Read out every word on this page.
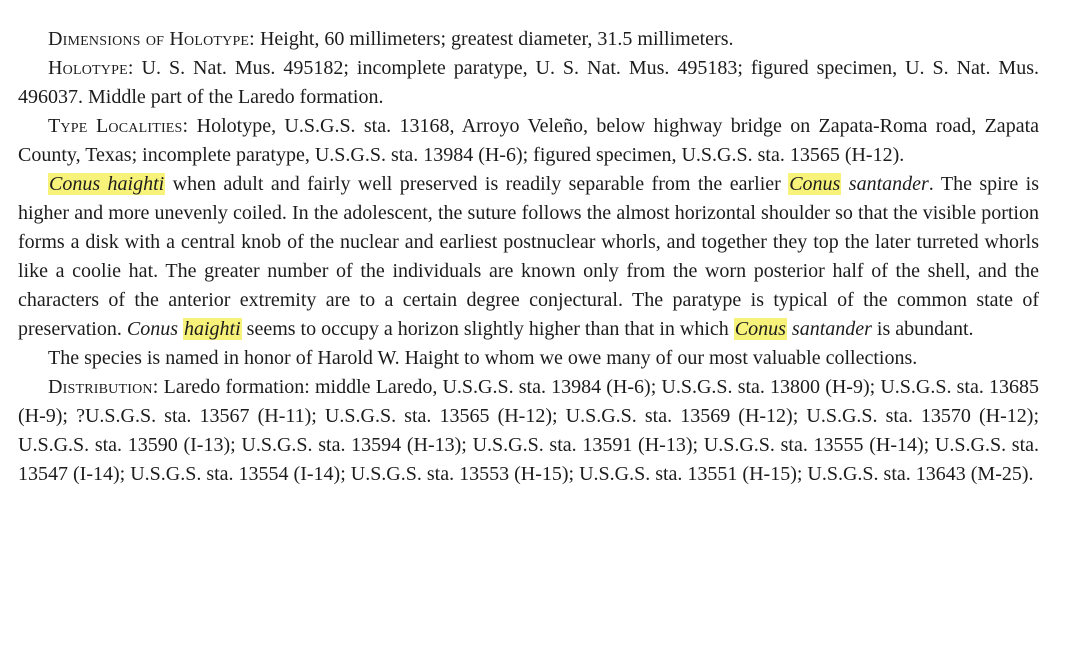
Dimensions of Holotype: Height, 60 millimeters; greatest diameter, 31.5 millimeters.

Holotype: U. S. Nat. Mus. 495182; incomplete paratype, U. S. Nat. Mus. 495183; figured specimen, U. S. Nat. Mus. 496037. Middle part of the Laredo formation.

Type Localities: Holotype, U.S.G.S. sta. 13168, Arroyo Veleño, below highway bridge on Zapata-Roma road, Zapata County, Texas; incomplete paratype, U.S.G.S. sta. 13984 (H-6); figured specimen, U.S.G.S. sta. 13565 (H-12).

Conus haighti when adult and fairly well preserved is readily separable from the earlier Conus santander. The spire is higher and more unevenly coiled. In the adolescent, the suture follows the almost horizontal shoulder so that the visible portion forms a disk with a central knob of the nuclear and earliest postnuclear whorls, and together they top the later turreted whorls like a coolie hat. The greater number of the individuals are known only from the worn posterior half of the shell, and the characters of the anterior extremity are to a certain degree conjectural. The paratype is typical of the common state of preservation. Conus haighti seems to occupy a horizon slightly higher than that in which Conus santander is abundant.

The species is named in honor of Harold W. Haight to whom we owe many of our most valuable collections.

Distribution: Laredo formation: middle Laredo, U.S.G.S. sta. 13984 (H-6); U.S.G.S. sta. 13800 (H-9); U.S.G.S. sta. 13685 (H-9); ?U.S.G.S. sta. 13567 (H-11); U.S.G.S. sta. 13565 (H-12); U.S.G.S. sta. 13569 (H-12); U.S.G.S. sta. 13570 (H-12); U.S.G.S. sta. 13590 (I-13); U.S.G.S. sta. 13594 (H-13); U.S.G.S. sta. 13591 (H-13); U.S.G.S. sta. 13555 (H-14); U.S.G.S. sta. 13547 (I-14); U.S.G.S. sta. 13554 (I-14); U.S.G.S. sta. 13553 (H-15); U.S.G.S. sta. 13551 (H-15); U.S.G.S. sta. 13643 (M-25).
